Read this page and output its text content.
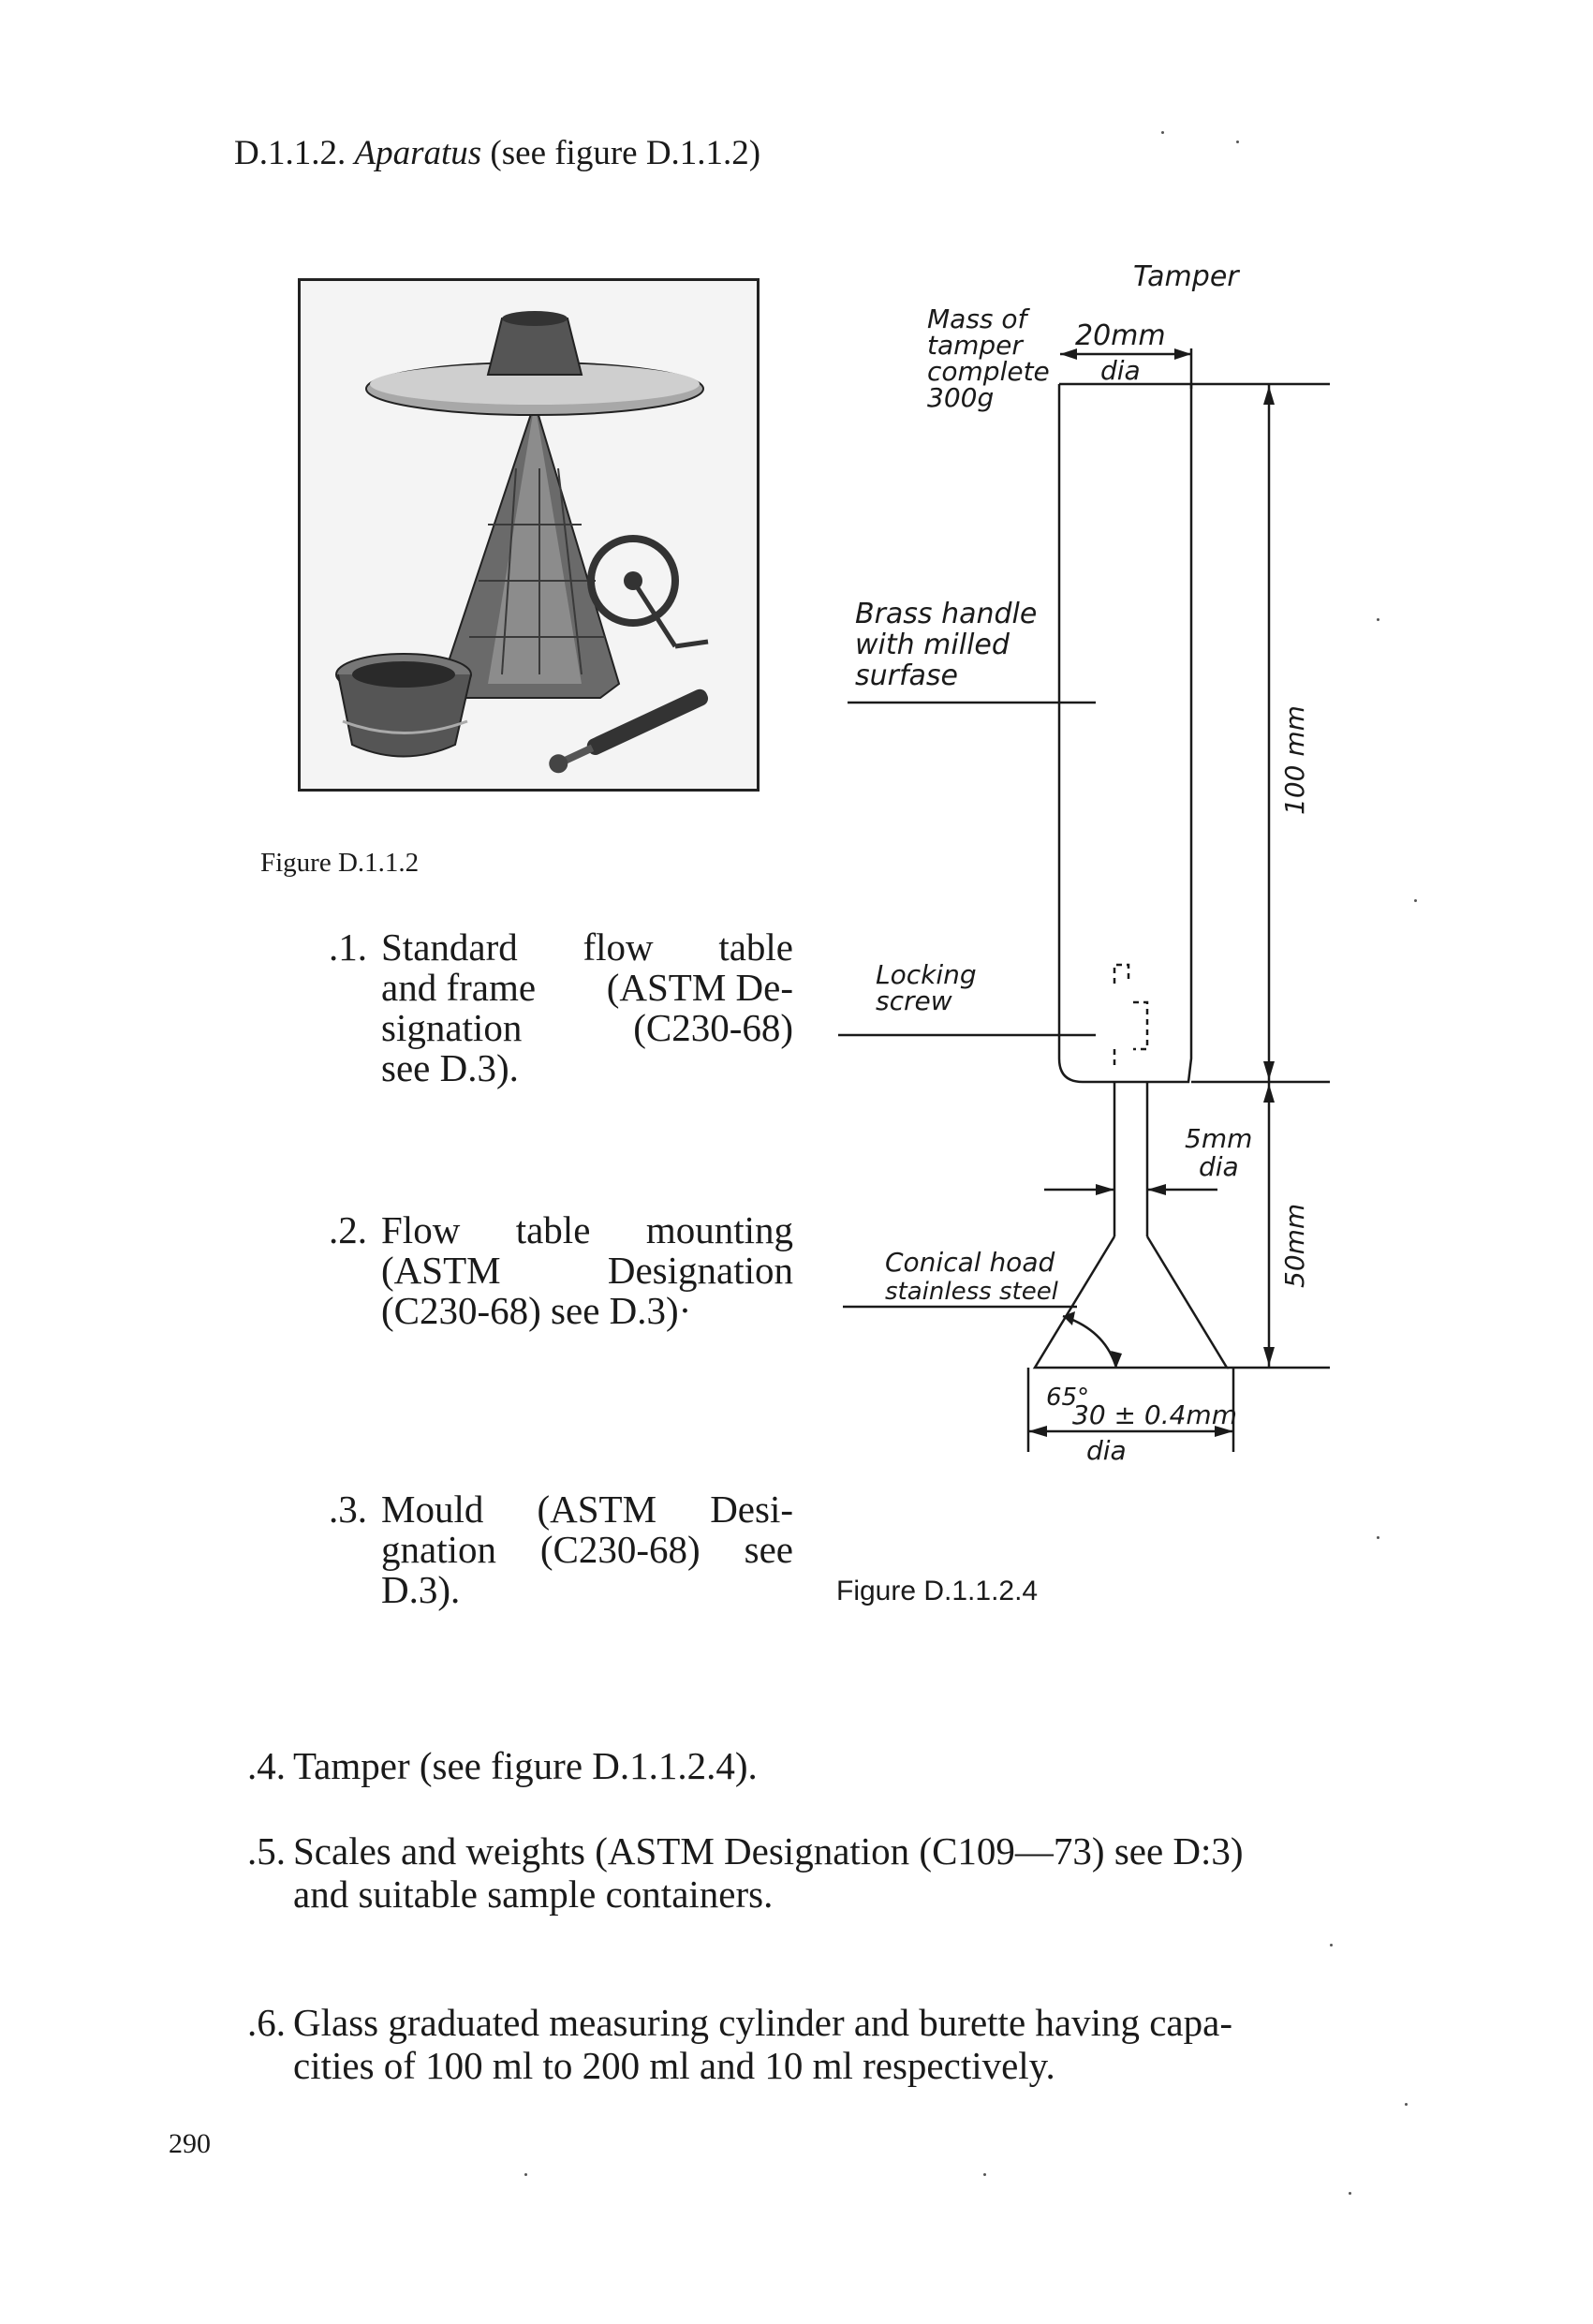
D.1.1.2. Aparatus (see figure D.1.1.2)
Figure D.1.1.2
.1. Standard flow table
and frame (ASTM De-
signation	(C230-68)
see D.3).
.2. Flow table mounting
(ASTM	Designation
(C230-68) see D.3)·
.3. Mould (ASTM Desi-
gnation (C230-68) see
D.3).
Tamper
Mass of
tamper
complete
300g
20mm
dia
Brass handle
with milled
surfase
100 mm
Locking
screw
5mm
dia
Conical hoad
stainless steel
50mm
65°
30 ± 0.4mm
dia
Figure D.1.1.2.4
.4. Tamper (see figure D.1.1.2.4).
.5. Scales and weights (ASTM Designation (C109—73) see D:3)
and suitable sample containers.
.6. Glass graduated measuring cylinder and burette having capa-
cities of 100 ml to 200 ml and 10 ml respectively.
290
